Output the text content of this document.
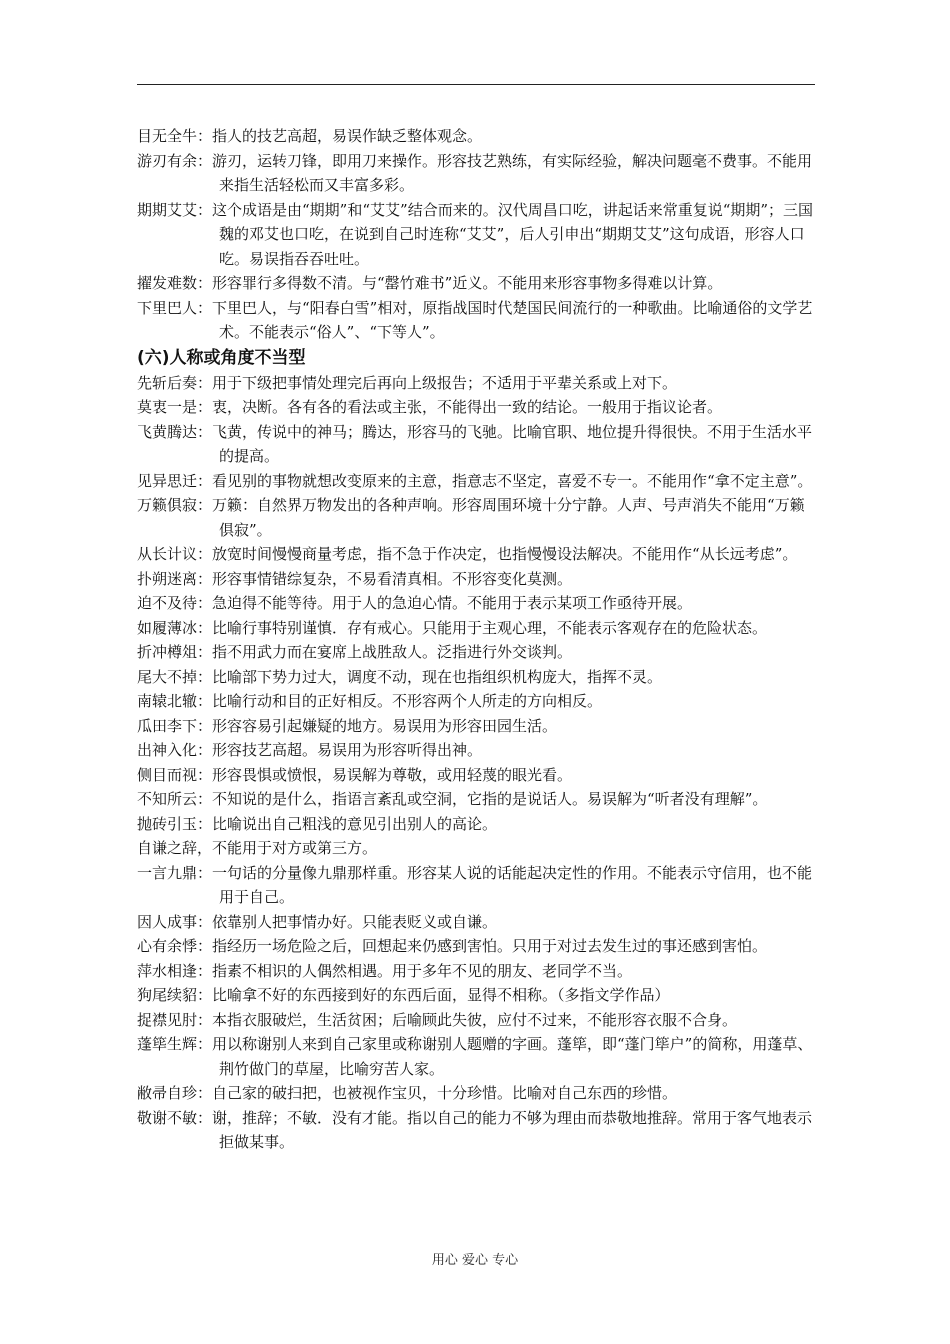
目无全牛：指人的技艺高超，易误作缺乏整体观念。

游刃有余：游刃，运转刀锋，即用刀来操作。形容技艺熟练，有实际经验，解决问题毫不费事。不能用来指生活轻松而又丰富多彩。

期期艾艾：这个成语是由“期期”和“艾艾”结合而来的。汉代周昌口吃，讲起话来常重复说“期期”；三国魏的邓艾也口吃，在说到自己时连称“艾艾”，后人引申出“期期艾艾”这句成语，形容人口吃。易误指吞吞吐吐。

擢发难数：形容罪行多得数不清。与“罄竹难书”近义。不能用来形容事物多得难以计算。

下里巴人：下里巴人，与“阳春白雪”相对，原指战国时代楚国民间流行的一种歌曲。比喻通俗的文学艺术。不能表示“俗人”、“下等人”。

(六)人称或角度不当型

先斩后奏：用于下级把事情处理完后再向上级报告；不适用于平辈关系或上对下。

莫衷一是：衷，决断。各有各的看法或主张，不能得出一致的结论。一般用于指议论者。

飞黄腾达：飞黄，传说中的神马；腾达，形容马的飞驰。比喻官职、地位提升得很快。不用于生活水平的提高。

见异思迁：看见别的事物就想改变原来的主意，指意志不坚定，喜爱不专一。不能用作“拿不定主意”。

万籁俱寂：万籁：自然界万物发出的各种声响。形容周围环境十分宁静。人声、号声消失不能用“万籁俱寂”。

从长计议：放宽时间慢慢商量考虑，指不急于作决定，也指慢慢设法解决。不能用作“从长远考虑”。

扑朔迷离：形容事情错综复杂，不易看清真相。不形容变化莫测。

迫不及待：急迫得不能等待。用于人的急迫心情。不能用于表示某项工作亟待开展。

如履薄冰：比喻行事特别谨慎．存有戒心。只能用于主观心理，不能表示客观存在的危险状态。

折冲樽俎：指不用武力而在宴席上战胜敌人。泛指进行外交谈判。

尾大不掉：比喻部下势力过大，调度不动，现在也指组织机构庞大，指挥不灵。

南辕北辙：比喻行动和目的正好相反。不形容两个人所走的方向相反。

瓜田李下：形容容易引起嫌疑的地方。易误用为形容田园生活。

出神入化：形容技艺高超。易误用为形容听得出神。

侧目而视：形容畏惧或愤恨，易误解为尊敬，或用轻蔑的眼光看。

不知所云：不知说的是什么，指语言紊乱或空洞，它指的是说话人。易误解为“听者没有理解”。

抛砖引玉：比喻说出自己粗浅的意见引出别人的高论。

自谦之辞，不能用于对方或第三方。

一言九鼎：一句话的分量像九鼎那样重。形容某人说的话能起决定性的作用。不能表示守信用，也不能用于自己。

因人成事：依靠别人把事情办好。只能表贬义或自谦。

心有余悸：指经历一场危险之后，回想起来仍感到害怕。只用于对过去发生过的事还感到害怕。

萍水相逢：指素不相识的人偶然相遇。用于多年不见的朋友、老同学不当。

狗尾续貂：比喻拿不好的东西接到好的东西后面，显得不相称。（多指文学作品）

捉襟见肘：本指衣服破烂，生活贫困；后喻顾此失彼，应付不过来，不能形容衣服不合身。

蓬筚生辉：用以称谢别人来到自己家里或称谢别人题赠的字画。蓬筚，即“蓬门筚户”的简称，用蓬草、荆竹做门的草屋，比喻穷苦人家。

敝帚自珍：自己家的破扫把，也被视作宝贝，十分珍惜。比喻对自己东西的珍惜。

敬谢不敏：谢，推辞；不敏．没有才能。指以自己的能力不够为理由而恭敬地推辞。常用于客气地表示拒做某事。

用心 爱心 专心
